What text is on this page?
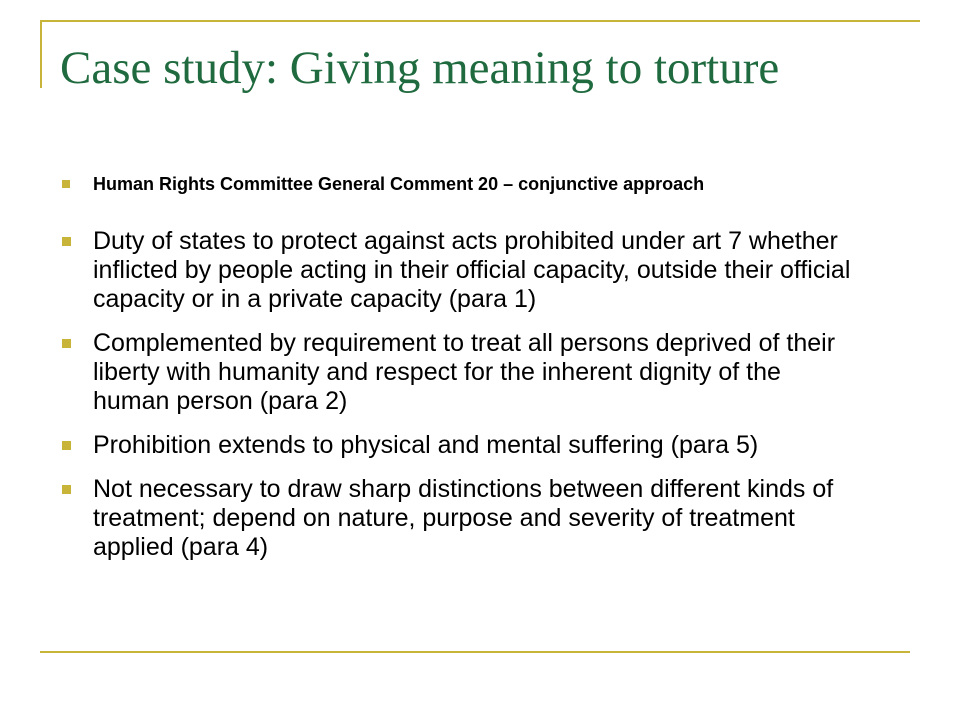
Case study: Giving meaning to torture
Human Rights Committee General Comment 20 – conjunctive approach
Duty of states to protect against acts prohibited under art 7 whether inflicted by people acting in their official capacity, outside their official capacity or in a private capacity (para 1)
Complemented by requirement to treat all persons deprived of their liberty with humanity and respect for the inherent dignity of the human person (para 2)
Prohibition extends to physical and mental suffering (para 5)
Not necessary to draw sharp distinctions between different kinds of treatment; depend on nature, purpose and severity of treatment applied (para 4)
